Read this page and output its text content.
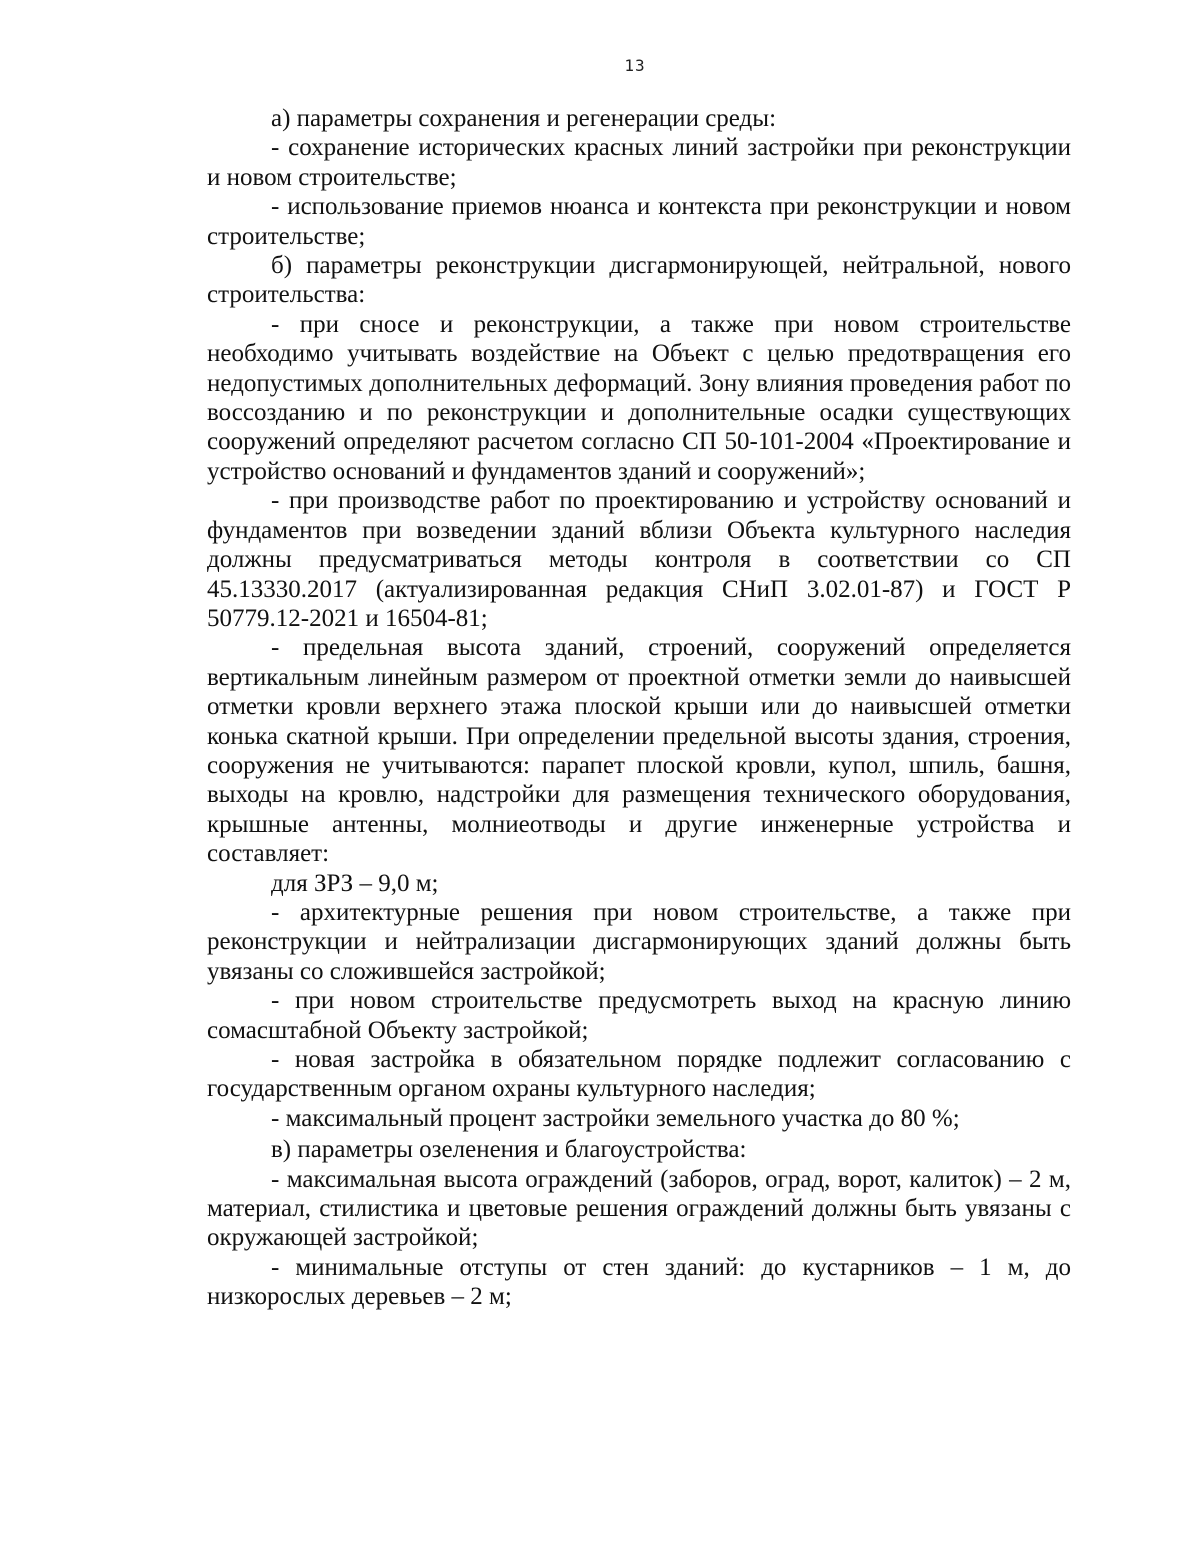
13

а) параметры сохранения и регенерации среды:

- сохранение исторических красных линий застройки при реконструкции и новом строительстве;

- использование приемов нюанса и контекста при реконструкции и новом строительстве;

б) параметры реконструкции дисгармонирующей, нейтральной, нового строительства:

- при сносе и реконструкции, а также при новом строительстве необходимо учитывать воздействие на Объект с целью предотвращения его недопустимых дополнительных деформаций. Зону влияния проведения работ по воссозданию и по реконструкции и дополнительные осадки существующих сооружений определяют расчетом согласно СП 50-101-2004 «Проектирование и устройство оснований и фундаментов зданий и сооружений»;

- при производстве работ по проектированию и устройству оснований и фундаментов при возведении зданий вблизи Объекта культурного наследия должны предусматриваться методы контроля в соответствии со СП 45.13330.2017 (актуализированная редакция СНиП 3.02.01-87) и ГОСТ Р 50779.12-2021 и 16504-81;

- предельная высота зданий, строений, сооружений определяется вертикальным линейным размером от проектной отметки земли до наивысшей отметки кровли верхнего этажа плоской крыши или до наивысшей отметки конька скатной крыши. При определении предельной высоты здания, строения, сооружения не учитываются: парапет плоской кровли, купол, шпиль, башня, выходы на кровлю, надстройки для размещения технического оборудования, крышные антенны, молниеотводы и другие инженерные устройства и составляет:

для ЗРЗ – 9,0 м;

- архитектурные решения при новом строительстве, а также при реконструкции и нейтрализации дисгармонирующих зданий должны быть увязаны со сложившейся застройкой;

- при новом строительстве предусмотреть выход на красную линию сомасштабной Объекту застройкой;

- новая застройка в обязательном порядке подлежит согласованию с государственным органом охраны культурного наследия;

- максимальный процент застройки земельного участка до 80 %;

в) параметры озеленения и благоустройства:

- максимальная высота ограждений (заборов, оград, ворот, калиток) – 2 м, материал, стилистика и цветовые решения ограждений должны быть увязаны с окружающей застройкой;

- минимальные отступы от стен зданий: до кустарников – 1 м, до низкорослых деревьев – 2 м;
